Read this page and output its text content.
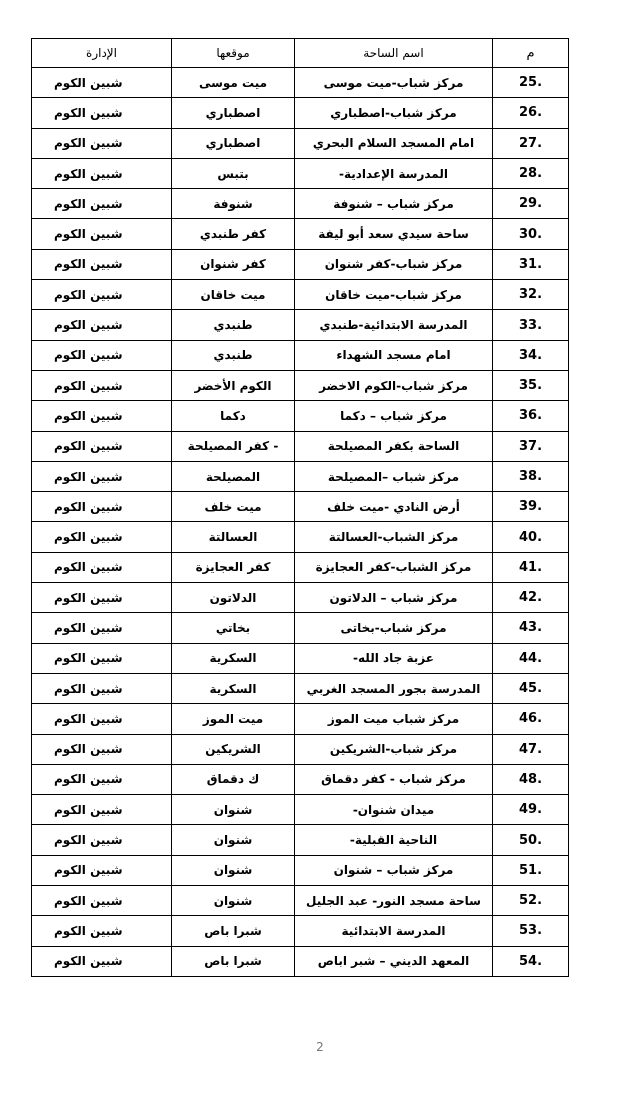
م	اسم الساحة	موقعها	الإدارة
25.	مركز شباب-ميت موسى	ميت موسى	شبين الكوم
26.	مركز شباب-اصطباري	اصطباري	شبين الكوم
27.	امام المسجد السلام البحري	اصطباري	شبين الكوم
28.	المدرسة الإعدادية-	بتبس	شبين الكوم
29.	مركز شباب – شنوفة	شنوفة	شبين الكوم
30.	ساحة سيدي سعد أبو ليفة	كفر طنبدي	شبين الكوم
31.	مركز شباب-كفر شنوان	كفر شنوان	شبين الكوم
32.	مركز شباب-ميت خاقان	ميت خاقان	شبين الكوم
33.	المدرسة الابتدائية-طنبدي	طنبدي	شبين الكوم
34.	امام مسجد الشهداء	طنبدي	شبين الكوم
35.	مركز شباب-الكوم الاخضر	الكوم الأخضر	شبين الكوم
36.	مركز شباب – دكما	دكما	شبين الكوم
37.	الساحة بكفر المصيلحة	- كفر المصيلحة	شبين الكوم
38.	مركز شباب –المصيلحة	المصيلحة	شبين الكوم
39.	أرض النادي -ميت خلف	ميت خلف	شبين الكوم
40.	مركز الشباب-العسالتة	العسالتة	شبين الكوم
41.	مركز الشباب-كفر العجايزة	كفر العجايزة	شبين الكوم
42.	مركز شباب – الدلاتون	الدلاتون	شبين الكوم
43.	مركز شباب-بخاتى	بخاتي	شبين الكوم
44.	عزبة جاد الله-	السكرية	شبين الكوم
45.	المدرسة بجور المسجد الغربي	السكرية	شبين الكوم
46.	مركز شباب ميت الموز	ميت الموز	شبين الكوم
47.	مركز شباب-الشريكين	الشريكين	شبين الكوم
48.	مركز شباب - كفر دقماق	ك دقماق	شبين الكوم
49.	ميدان شنوان-	شنوان	شبين الكوم
50.	الناحية القبلية-	شنوان	شبين الكوم
51.	مركز شباب – شنوان	شنوان	شبين الكوم
52.	ساحة مسجد النور- عبد الجليل	شنوان	شبين الكوم
53.	المدرسة الابتدائية	شبرا باص	شبين الكوم
54.	المعهد الديني – شبر اباص	شبرا باص	شبين الكوم
2
